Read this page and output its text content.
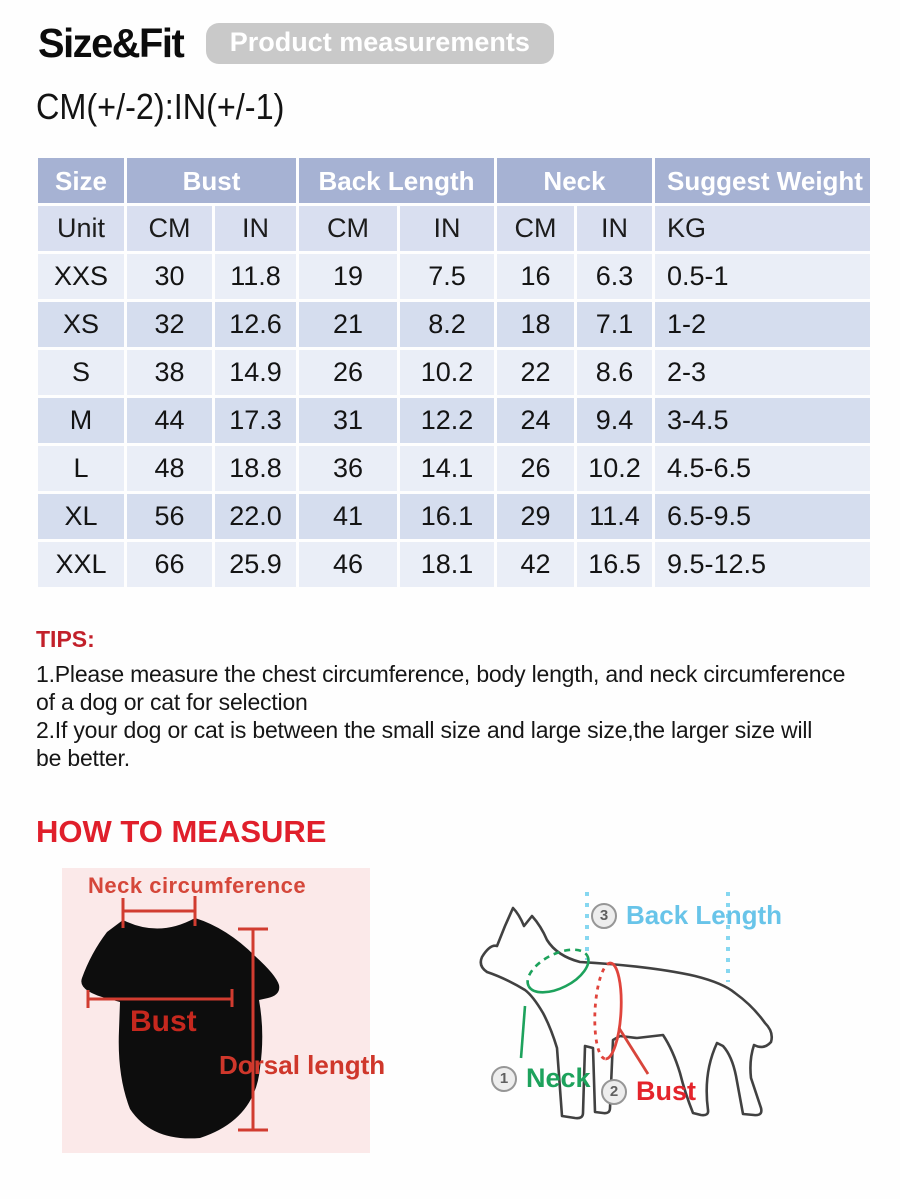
Size&Fit	Product measurements
CM(+/-2):IN(+/-1)
Size	Bust		Back Length		Neck		Suggest Weight
Unit	CM	IN	CM	IN	CM	IN	KG
XXS	30	11.8	19	7.5	16	6.3	0.5-1
XS	32	12.6	21	8.2	18	7.1	1-2
S	38	14.9	26	10.2	22	8.6	2-3
M	44	17.3	31	12.2	24	9.4	3-4.5
L	48	18.8	36	14.1	26	10.2	4.5-6.5
XL	56	22.0	41	16.1	29	11.4	6.5-9.5
XXL	66	25.9	46	18.1	42	16.5	9.5-12.5
TIPS:
1.Please measure the chest circumference, body length, and neck circumference
of a dog or cat for selection
2.If your dog or cat is between the small size and large size,the larger size will
be better.
HOW TO MEASURE
Neck circumference
Bust
Dorsal length
3 Back Length
1 Neck	2 Bust
